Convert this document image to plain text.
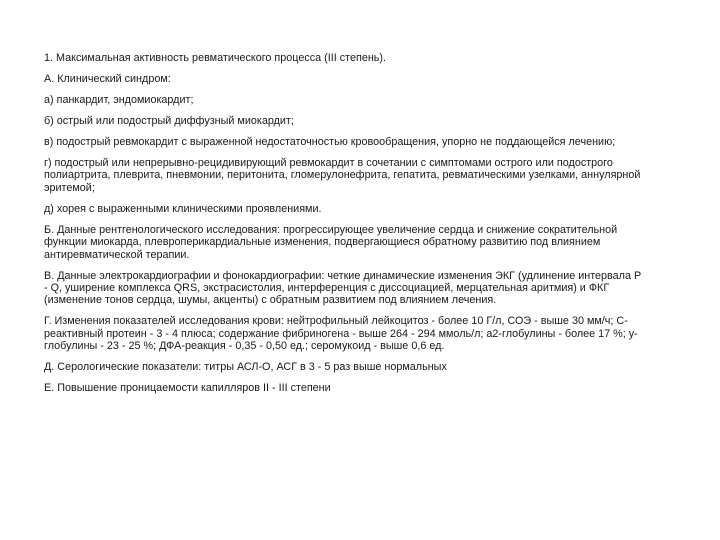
1. Максимальная активность ревматического процесса (III степень).

А. Клинический синдром:

а) панкардит, эндомиокардит;

б) острый или подострый диффузный миокардит;

в) подострый ревмокардит с выраженной недостаточностью кровообращения, упорно не поддающейся лечению;

г) подострый или непрерывно-рецидивирующий ревмокардит в сочетании с симптомами острого или подострого полиартрита, плеврита, пневмонии, перитонита, гломерулонефрита, гепатита, ревматическими узелками, аннулярной эритемой;

д) хорея с выраженными клиническими проявлениями.

Б. Данные рентгенологического исследования: прогрессирующее увеличение сердца и снижение сократительной функции миокарда, плевроперикардиальные изменения, подвергающиеся обратному развитию под влиянием антиревматической терапии.

В. Данные электрокардиографии и фонокардиографии: четкие динамические изменения ЭКГ (удлинение интервала Р - Q, уширение комплекса QRS, экстрасистолия, интерференция с диссоциацией, мерцательная аритмия) и ФКГ (изменение тонов сердца, шумы, акценты) с обратным развитием под влиянием лечения.

Г. Изменения показателей исследования крови: нейтрофильный лейкоцитоз - более 10 Г/л, СОЭ - выше 30 мм/ч; С-реактивный протеин - 3 - 4 плюса; содержание фибриногена - выше 264 - 294 ммоль/л; а2-глобулины - более 17 %; у-глобулины - 23 - 25 %; ДФА-реакция - 0,35 - 0,50 ед.; серомукоид - выше 0,6 ед.

Д. Серологические показатели: титры АСЛ-О, АСГ в 3 - 5 раз выше нормальных

Е. Повышение проницаемости капилляров II - III степени
